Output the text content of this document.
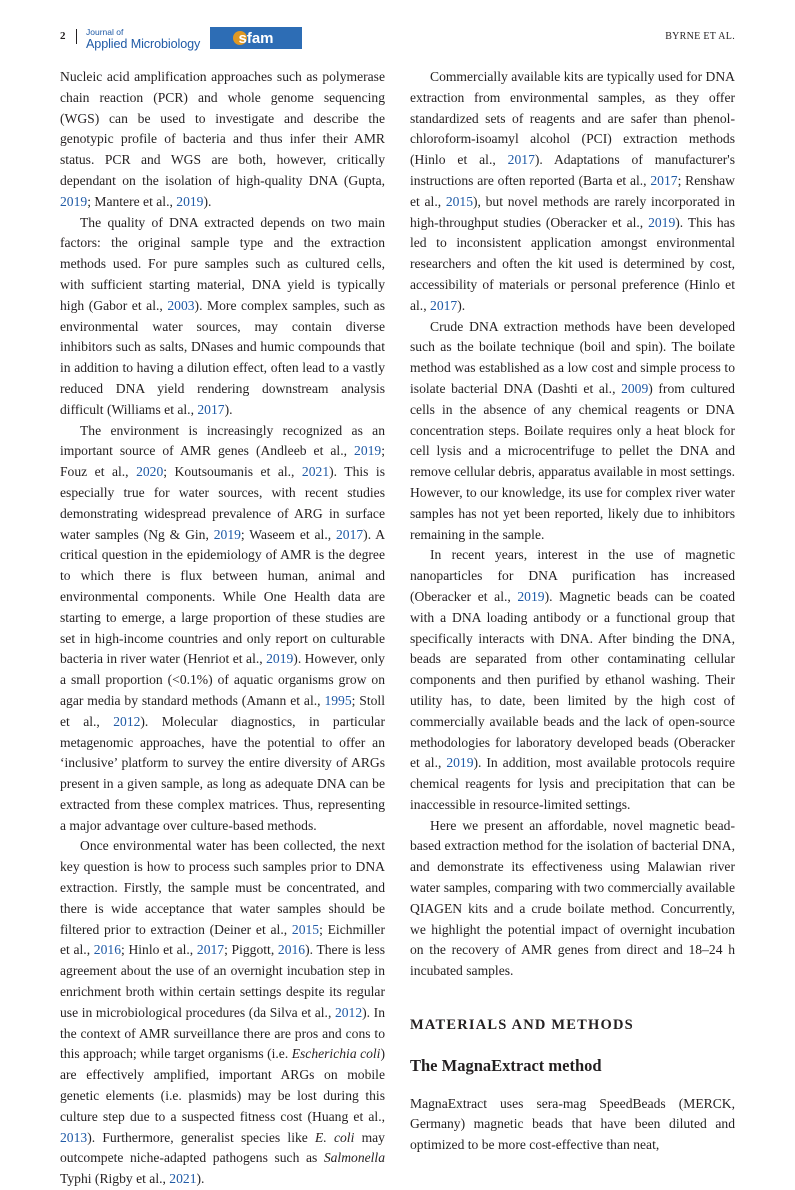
2 Journal of
Applied Microbiology	sfam	BYRNE ET AL.

Nucleic acid amplification approaches such as polymerase chain reaction (PCR) and whole genome sequencing (WGS) can be used to investigate and describe the genotypic profile of bacteria and thus infer their AMR status. PCR and WGS are both, however, critically dependant on the isolation of high-quality DNA (Gupta, 2019; Mantere et al., 2019).

The quality of DNA extracted depends on two main factors: the original sample type and the extraction methods used. For pure samples such as cultured cells, with sufficient starting material, DNA yield is typically high (Gabor et al., 2003). More complex samples, such as environmental water sources, may contain diverse inhibitors such as salts, DNases and humic compounds that in addition to having a dilution effect, often lead to a vastly reduced DNA yield rendering downstream analysis difficult (Williams et al., 2017).

The environment is increasingly recognized as an important source of AMR genes (Andleeb et al., 2019; Fouz et al., 2020; Koutsoumanis et al., 2021). This is especially true for water sources, with recent studies demonstrating widespread prevalence of ARG in surface water samples (Ng & Gin, 2019; Waseem et al., 2017). A critical question in the epidemiology of AMR is the degree to which there is flux between human, animal and environmental components. While One Health data are starting to emerge, a large proportion of these studies are set in high-income countries and only report on culturable bacteria in river water (Henriot et al., 2019). However, only a small proportion (<0.1%) of aquatic organisms grow on agar media by standard methods (Amann et al., 1995; Stoll et al., 2012). Molecular diagnostics, in particular metagenomic approaches, have the potential to offer an ‘inclusive’ platform to survey the entire diversity of ARGs present in a given sample, as long as adequate DNA can be extracted from these complex matrices. Thus, representing a major advantage over culture-based methods.

Once environmental water has been collected, the next key question is how to process such samples prior to DNA extraction. Firstly, the sample must be concentrated, and there is wide acceptance that water samples should be filtered prior to extraction (Deiner et al., 2015; Eichmiller et al., 2016; Hinlo et al., 2017; Piggott, 2016). There is less agreement about the use of an overnight incubation step in enrichment broth within certain settings despite its regular use in microbiological procedures (da Silva et al., 2012). In the context of AMR surveillance there are pros and cons to this approach; while target organisms (i.e. Escherichia coli) are effectively amplified, important ARGs on mobile genetic elements (i.e. plasmids) may be lost during this culture step due to a suspected fitness cost (Huang et al., 2013). Furthermore, generalist species like E. coli may outcompete niche-adapted pathogens such as Salmonella Typhi (Rigby et al., 2021).

Commercially available kits are typically used for DNA extraction from environmental samples, as they offer standardized sets of reagents and are safer than phenol-chloroform-isoamyl alcohol (PCI) extraction methods (Hinlo et al., 2017). Adaptations of manufacturer's instructions are often reported (Barta et al., 2017; Renshaw et al., 2015), but novel methods are rarely incorporated in high-throughput studies (Oberacker et al., 2019). This has led to inconsistent application amongst environmental researchers and often the kit used is determined by cost, accessibility of materials or personal preference (Hinlo et al., 2017).

Crude DNA extraction methods have been developed such as the boilate technique (boil and spin). The boilate method was established as a low cost and simple process to isolate bacterial DNA (Dashti et al., 2009) from cultured cells in the absence of any chemical reagents or DNA concentration steps. Boilate requires only a heat block for cell lysis and a microcentrifuge to pellet the DNA and remove cellular debris, apparatus available in most settings. However, to our knowledge, its use for complex river water samples has not yet been reported, likely due to inhibitors remaining in the sample.

In recent years, interest in the use of magnetic nanoparticles for DNA purification has increased (Oberacker et al., 2019). Magnetic beads can be coated with a DNA loading antibody or a functional group that specifically interacts with DNA. After binding the DNA, beads are separated from other contaminating cellular components and then purified by ethanol washing. Their utility has, to date, been limited by the high cost of commercially available beads and the lack of open-source methodologies for laboratory developed beads (Oberacker et al., 2019). In addition, most available protocols require chemical reagents for lysis and precipitation that can be inaccessible in resource-limited settings.

Here we present an affordable, novel magnetic bead-based extraction method for the isolation of bacterial DNA, and demonstrate its effectiveness using Malawian river water samples, comparing with two commercially available QIAGEN kits and a crude boilate method. Concurrently, we highlight the potential impact of overnight incubation on the recovery of AMR genes from direct and 18–24 h incubated samples.

MATERIALS AND METHODS
The MagnaExtract method

MagnaExtract uses sera-mag SpeedBeads (MERCK, Germany) magnetic beads that have been diluted and optimized to be more cost-effective than neat,
